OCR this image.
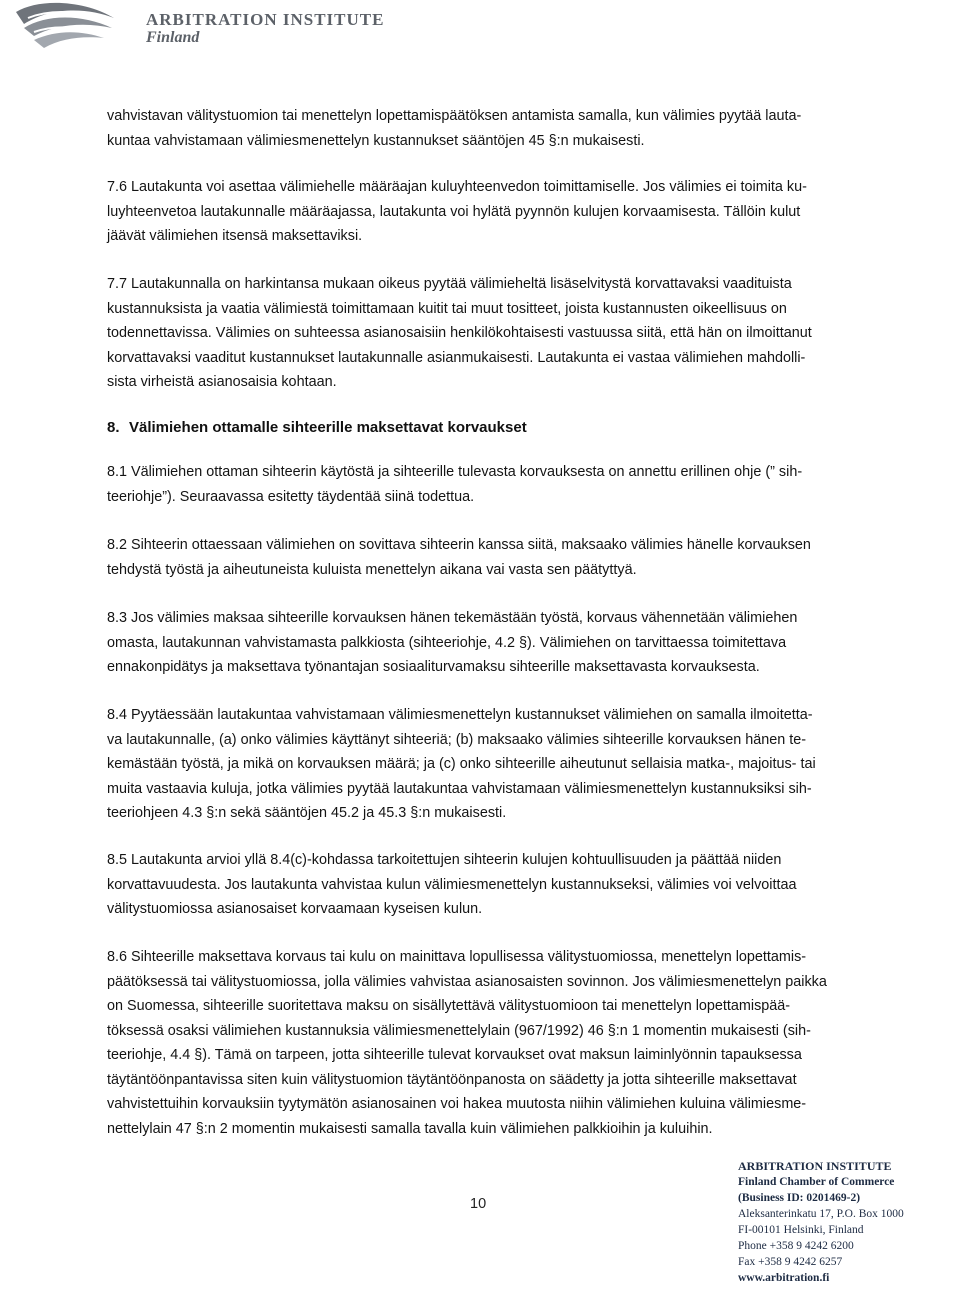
ARBITRATION INSTITUTE
Finland

vahvistavan välitystuomion tai menettelyn lopettamispäätöksen antamista samalla, kun välimies pyytää lauta-
kuntaa vahvistamaan välimiesmenettelyn kustannukset sääntöjen 45 §:n mukaisesti.

7.6 Lautakunta voi asettaa välimiehelle määräajan kuluyhteenvedon toimittamiselle. Jos välimies ei toimita ku-
luyhteenvetoa lautakunnalle määräajassa, lautakunta voi hylätä pyynnön kulujen korvaamisesta. Tällöin kulut
jäävät välimiehen itsensä maksettaviksi.

7.7 Lautakunnalla on harkintansa mukaan oikeus pyytää välimieheltä lisäselvitystä korvattavaksi vaadituista
kustannuksista ja vaatia välimiestä toimittamaan kuitit tai muut tositteet, joista kustannusten oikeellisuus on
todennettavissa. Välimies on suhteessa asianosaisiin henkilökohtaisesti vastuussa siitä, että hän on ilmoittanut
korvattavaksi vaaditut kustannukset lautakunnalle asianmukaisesti. Lautakunta ei vastaa välimiehen mahdolli-
sista virheistä asianosaisia kohtaan.

8. Välimiehen ottamalle sihteerille maksettavat korvaukset

8.1 Välimiehen ottaman sihteerin käytöstä ja sihteerille tulevasta korvauksesta on annettu erillinen ohje (” sih-
teeriohje”). Seuraavassa esitetty täydentää siinä todettua.

8.2 Sihteerin ottaessaan välimiehen on sovittava sihteerin kanssa siitä, maksaako välimies hänelle korvauksen
tehdystä työstä ja aiheutuneista kuluista menettelyn aikana vai vasta sen päätyttyä.

8.3 Jos välimies maksaa sihteerille korvauksen hänen tekemästään työstä, korvaus vähennetään välimiehen
omasta, lautakunnan vahvistamasta palkkiosta (sihteeriohje, 4.2 §). Välimiehen on tarvittaessa toimitettava
ennakonpidätys ja maksettava työnantajan sosiaaliturvamaksu sihteerille maksettavasta korvauksesta.

8.4 Pyytäessään lautakuntaa vahvistamaan välimiesmenettelyn kustannukset välimiehen on samalla ilmoitetta-
va lautakunnalle, (a) onko välimies käyttänyt sihteeriä; (b) maksaako välimies sihteerille korvauksen hänen te-
kemästään työstä, ja mikä on korvauksen määrä; ja (c) onko sihteerille aiheutunut sellaisia matka-, majoitus- tai
muita vastaavia kuluja, jotka välimies pyytää lautakuntaa vahvistamaan välimiesmenettelyn kustannuksiksi sih-
teeriohjeen 4.3 §:n sekä sääntöjen 45.2 ja 45.3 §:n mukaisesti.

8.5 Lautakunta arvioi yllä 8.4(c)-kohdassa tarkoitettujen sihteerin kulujen kohtuullisuuden ja päättää niiden
korvattavuudesta. Jos lautakunta vahvistaa kulun välimiesmenettelyn kustannukseksi, välimies voi velvoittaa
välitystuomiossa asianosaiset korvaamaan kyseisen kulun.

8.6 Sihteerille maksettava korvaus tai kulu on mainittava lopullisessa välitystuomiossa, menettelyn lopettamis-
päätöksessä tai välitystuomiossa, jolla välimies vahvistaa asianosaisten sovinnon. Jos välimiesmenettelyn paikka
on Suomessa, sihteerille suoritettava maksu on sisällytettävä välitystuomioon tai menettelyn lopettamispää-
töksessä osaksi välimiehen kustannuksia välimiesmenettelylain (967/1992) 46 §:n 1 momentin mukaisesti (sih-
teeriohje, 4.4 §). Tämä on tarpeen, jotta sihteerille tulevat korvaukset ovat maksun laiminlyönnin tapauksessa
täytäntöönpantavissa siten kuin välitystuomion täytäntöönpanosta on säädetty ja jotta sihteerille maksettavat
vahvistettuihin korvauksiin tyytymätön asianosainen voi hakea muutosta niihin välimiehen kuluina välimiesme-
nettelylain 47 §:n 2 momentin mukaisesti samalla tavalla kuin välimiehen palkkioihin ja kuluihin.

10
ARBITRATION INSTITUTE
Finland Chamber of Commerce
(Business ID: 0201469-2)
Aleksanterinkatu 17, P.O. Box 1000
FI-00101 Helsinki, Finland
Phone +358 9 4242 6200
Fax +358 9 4242 6257
www.arbitration.fi
